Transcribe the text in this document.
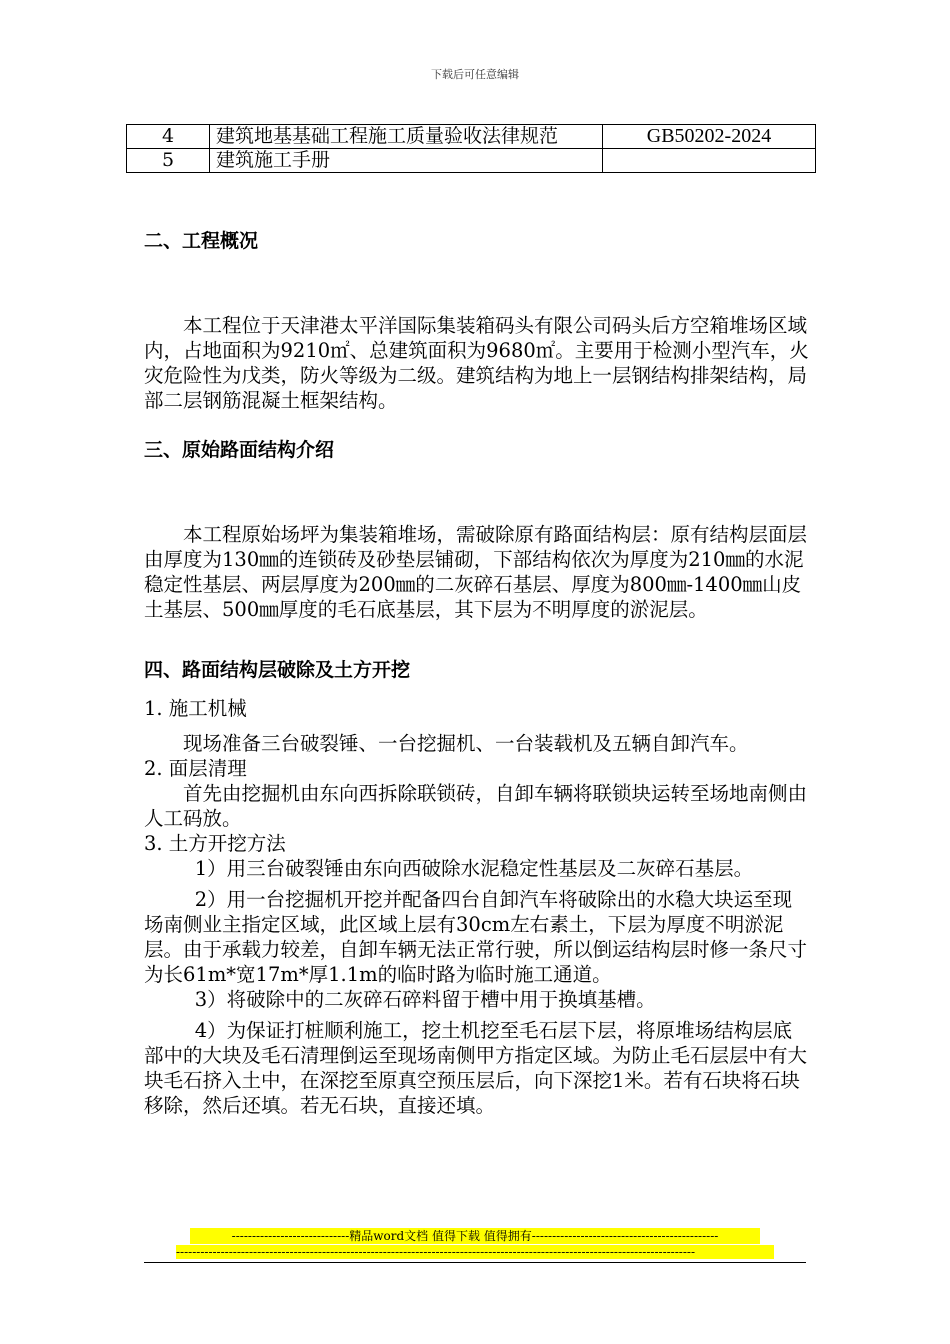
下载后可任意编辑
4	建筑地基基础工程施工质量验收法律规范	GB50202-2024
5	建筑施工手册	
二、工程概况

本工程位于天津港太平洋国际集装箱码头有限公司码头后方空箱堆场区域内，占地面积为9210㎡、总建筑面积为9680㎡。主要用于检测小型汽车，火灾危险性为戊类，防火等级为二级。建筑结构为地上一层钢结构排架结构，局部二层钢筋混凝土框架结构。

三、原始路面结构介绍

本工程原始场坪为集装箱堆场，需破除原有路面结构层：原有结构层面层由厚度为130㎜的连锁砖及砂垫层铺砌，下部结构依次为厚度为210㎜的水泥稳定性基层、两层厚度为200㎜的二灰碎石基层、厚度为800㎜-1400㎜山皮土基层、500㎜厚度的毛石底基层，其下层为不明厚度的淤泥层。

四、路面结构层破除及土方开挖

1. 施工机械

现场准备三台破裂锤、一台挖掘机、一台装载机及五辆自卸汽车。

2. 面层清理

首先由挖掘机由东向西拆除联锁砖，自卸车辆将联锁块运转至场地南侧由人工码放。

3. 土方开挖方法

1）用三台破裂锤由东向西破除水泥稳定性基层及二灰碎石基层。

2）用一台挖掘机开挖并配备四台自卸汽车将破除出的水稳大块运至现场南侧业主指定区域，此区域上层有30cm左右素土，下层为厚度不明淤泥层。由于承载力较差，自卸车辆无法正常行驶，所以倒运结构层时修一条尺寸为长61m*宽17m*厚1.1m的临时路为临时施工通道。

3）将破除中的二灰碎石碎料留于槽中用于换填基槽。

4）为保证打桩顺利施工，挖土机挖至毛石层下层，将原堆场结构层底部中的大块及毛石清理倒运至现场南侧甲方指定区域。为防止毛石层层中有大块毛石挤入土中，在深挖至原真空预压层后，向下深挖1米。若有石块将石块移除，然后还填。若无石块，直接还填。

-----------------------------精品word文档 值得下载 值得拥有----------------------------------------------
--------------------------------------------------------------------------------------------------------------------------------
